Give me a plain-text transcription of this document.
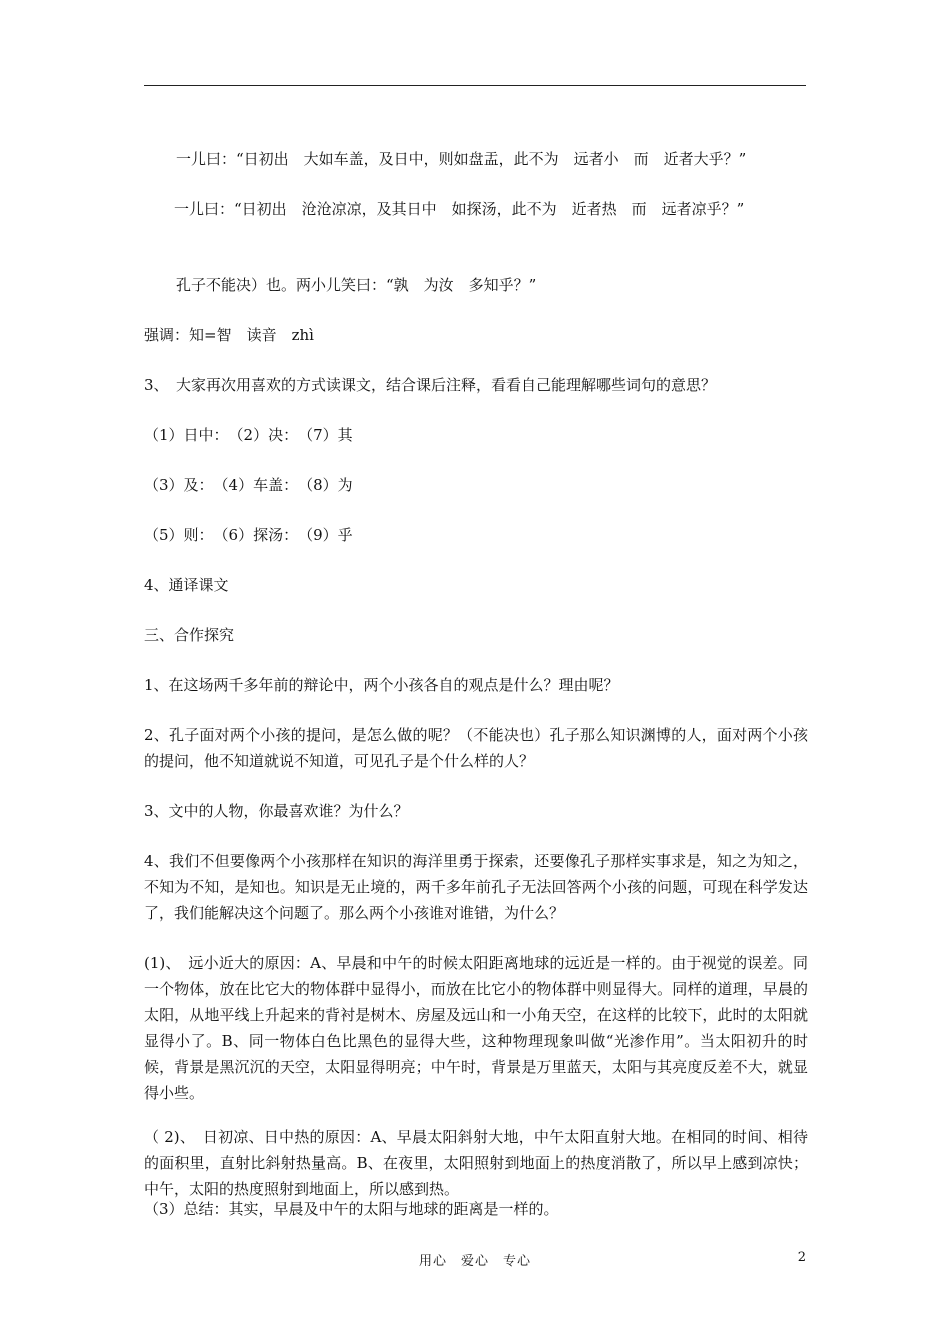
一儿曰：“日初出　大如车盖，及日中，则如盘盂，此不为　远者小　而　近者大乎？”
一儿曰：“日初出　沧沧凉凉，及其日中　如探汤，此不为　近者热　而　远者凉乎？”
孔子不能决）也。两小儿笑曰：“孰　为汝　多知乎？”
强调：知=智　读音　zhì
3、　大家再次用喜欢的方式读课文，结合课后注释，看看自己能理解哪些词句的意思？
（1）日中：　（2）决：　（7）其
（3）及：　（4）车盖：　（8）为
（5）则：　（6）探汤：　（9）乎
4、通译课文
三、合作探究
1、在这场两千多年前的辩论中，两个小孩各自的观点是什么？理由呢？
2、孔子面对两个小孩的提问，是怎么做的呢？（不能决也）孔子那么知识渊博的人，面对两个小孩的提问，他不知道就说不知道，可见孔子是个什么样的人？
3、文中的人物，你最喜欢谁？为什么？
4、我们不但要像两个小孩那样在知识的海洋里勇于探索，还要像孔子那样实事求是，知之为知之，不知为不知，是知也。知识是无止境的，两千多年前孔子无法回答两个小孩的问题，可现在科学发达了，我们能解决这个问题了。那么两个小孩谁对谁错，为什么？
(1)、　远小近大的原因：A、早晨和中午的时候太阳距离地球的远近是一样的。由于视觉的误差。同一个物体，放在比它大的物体群中显得小，而放在比它小的物体群中则显得大。同样的道理，早晨的太阳，从地平线上升起来的背衬是树木、房屋及远山和一小角天空，在这样的比较下，此时的太阳就显得小了。B、同一物体白色比黑色的显得大些，这种物理现象叫做“光渗作用”。当太阳初升的时候，背景是黑沉沉的天空，太阳显得明亮；中午时，背景是万里蓝天，太阳与其亮度反差不大，就显得小些。
（ 2)、　日初凉、日中热的原因：A、早晨太阳斜射大地，中午太阳直射大地。在相同的时间、相待的面积里，直射比斜射热量高。B、在夜里，太阳照射到地面上的热度消散了，所以早上感到凉快；中午，太阳的热度照射到地面上，所以感到热。
（3）总结：其实，早晨及中午的太阳与地球的距离是一样的。
用心　爱心　专心	2
